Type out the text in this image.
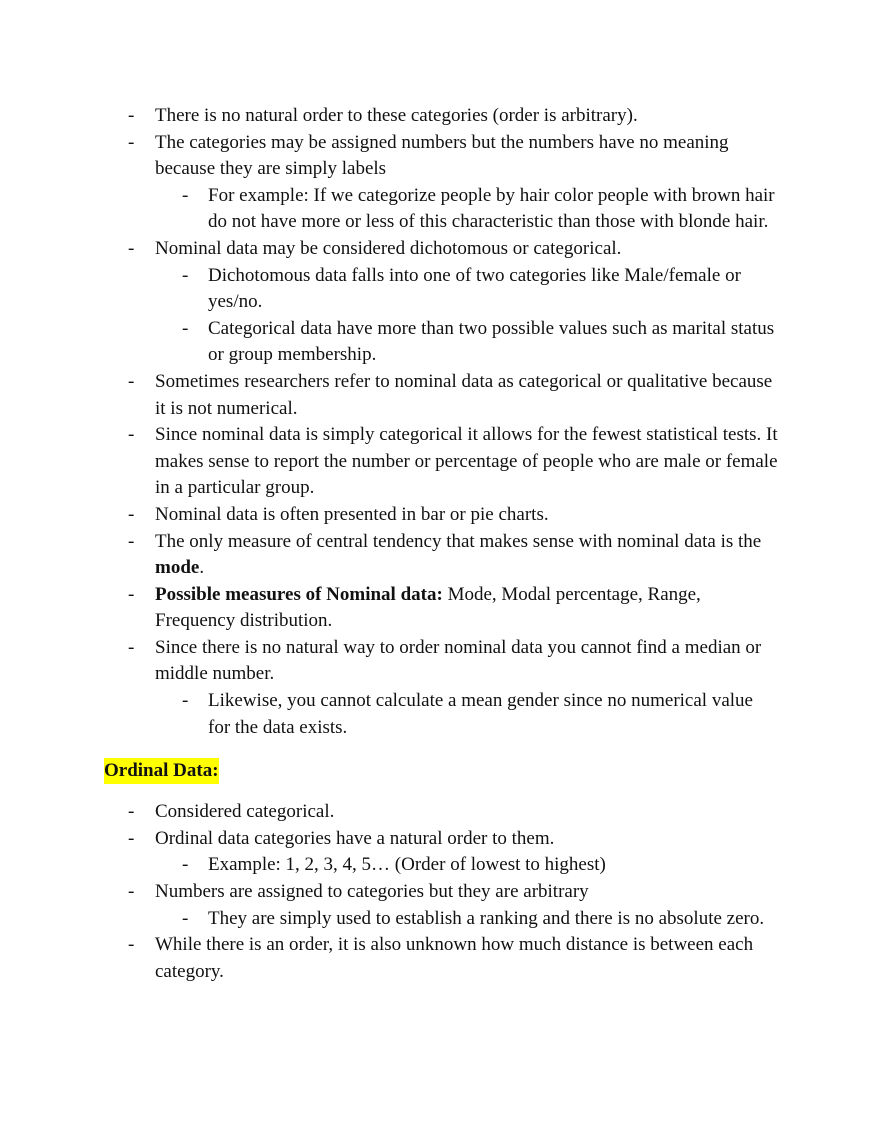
- There is no natural order to these categories (order is arbitrary).
- The categories may be assigned numbers but the numbers have no meaning because they are simply labels
- For example: If we categorize people by hair color people with brown hair do not have more or less of this characteristic than those with blonde hair.
- Nominal data may be considered dichotomous or categorical.
- Dichotomous data falls into one of two categories like Male/female or yes/no.
- Categorical data have more than two possible values such as marital status or group membership.
- Sometimes researchers refer to nominal data as categorical or qualitative because it is not numerical.
- Since nominal data is simply categorical it allows for the fewest statistical tests. It makes sense to report the number or percentage of people who are male or female in a particular group.
- Nominal data is often presented in bar or pie charts.
- The only measure of central tendency that makes sense with nominal data is the mode.
- Possible measures of Nominal data: Mode, Modal percentage, Range, Frequency distribution.
- Since there is no natural way to order nominal data you cannot find a median or middle number.
- Likewise, you cannot calculate a mean gender since no numerical value for the data exists.
Ordinal Data:
- Considered categorical.
- Ordinal data categories have a natural order to them.
- Example: 1, 2, 3, 4, 5… (Order of lowest to highest)
- Numbers are assigned to categories but they are arbitrary
- They are simply used to establish a ranking and there is no absolute zero.
- While there is an order, it is also unknown how much distance is between each category.
